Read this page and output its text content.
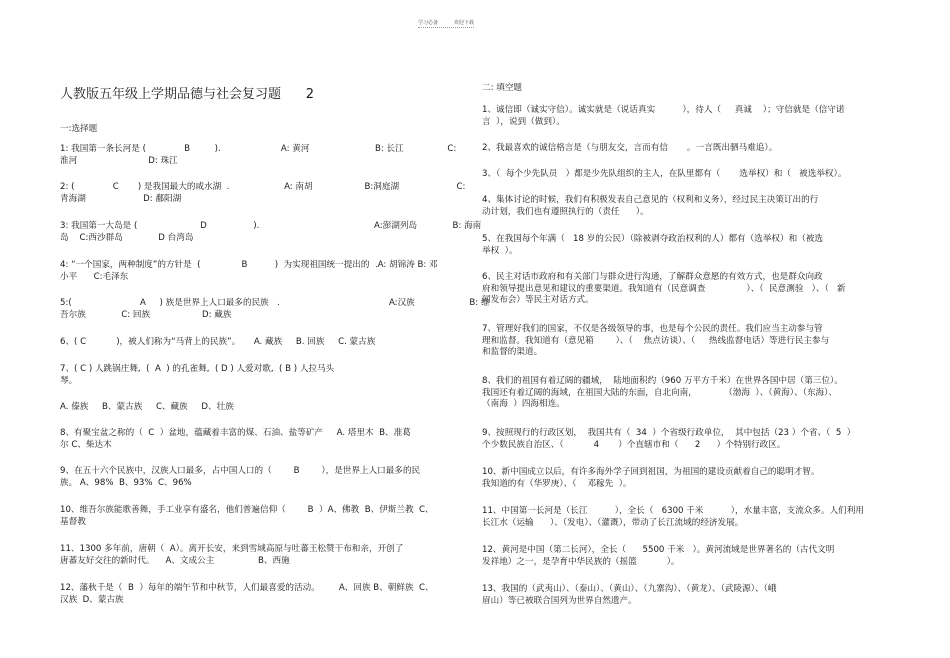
学习必备          欢迎下载
人教版五年级上学期品德与社会复习题      2
一:选择题
1: 我国第一条长河是 (              B         ).                      A: 黄河                        B: 长江                C:
淮河                          D: 珠江
2: (              C       ) 是我国最大的咸水湖  .                    A: 南胡                   B:洞庭湖                     C:
青海湖                     D: 鄱阳湖
3: 我国第一大岛是 (                       D                 ).                                          A:澎湖列岛             B: 海南
岛    C:西沙群岛             D 台湾岛
4: “一个国家，两种制度”的方针是  (               B          )  为实现祖国统一提出的  .A: 胡锦涛 B: 邓
小平      C:毛泽东
5:(                         A     ) 族是世界上人口最多的民族   .                                        A:汉族                    B: 维
吾尔族             C: 回族                   D: 藏族
6、( C           )，被人们称为“马背上的民族”。     A. 藏族     B. 回族     C. 蒙古族
7、( C ) 人跳锅庄舞,  (  A  ) 的孔雀舞,  ( D ) 人爱对歌,  ( B ) 人拉马头
琴。
A. 傣族     B、蒙古族     C、藏族     D、壮族
8、有聚宝盆之称的（  C  ）盆地，蕴藏着丰富的煤、石油、盐等矿产     A. 塔里木  B、准葛
尔 C、柴达木
9、在五十六个民族中，汉族人口最多，占中国人口的（        B        ），是世界上人口最多的民
族。 A、98%  B、93%  C、96%
10、维吾尔族能歌善舞，手工业享有盛名，他们普遍信仰（        B  ）A、佛教  B、伊斯兰教  C、
基督教
11、1300 多年前，唐朝（  A）。离开长安，来到雪域高原与吐蕃王松赞干布和亲，开创了
唐蕃友好交往的新时代。    A、文成公主                B、西施
12、藩秋千是（  B  ）每年的端午节和中秋节，人们最喜爱的活动。       A、回族 B、朝鲜族  C、
汉族  D、蒙古族
二: 填空题
1、诚信即（诚实守信）。诚实就是（说话真实          ），待人（     真诚    ）；守信就是（信守诺
言  ），说到（做到）。
2、我最喜欢的诚信格言是（与朋友交，言而有信       。一言既出驷马难追）。
3、（  每个少先队员   ）都是少先队组织的主人，在队里都有（       选举权）和（   被选举权）。
4、集体讨论的时候，我们有积极发表自己意见的（权利和义务），经过民主决策订出的行
动计划，我们也有遵照执行的（责任      ）。
5、在我国每个年满（   18 岁的公民）（除被剥夺政治权利的人）都有（选举权）和（被选
举权  ）。
6、民主对话市政府和有关部门与群众进行沟通，了解群众意愿的有效方式，也是群众向政
府和领导提出意见和建议的重要渠道。我知道有（民意调查               ）、（  民意测验   ）、（   新
闻发布会）等民主对话方式。
7、管理好我们的国家，不仅是各级领导的事，也是每个公民的责任。我们应当主动参与管
理和监督。我知道有（意见箱        ）、（    焦点访谈）、（     热线监督电话）等进行民主参与
和监督的渠道。
8、我们的祖国有着辽阔的疆域，  陆地面积约（960 万平方千米）在世界各国中居（第三位）。
我国还有着辽阔的海域，在祖国大陆的东面，自北向南，          （渤海  ）、（黄海）、（东海）、
（南海  ）四海相连。
9、按照现行的行政区划，  我国共有（  34  ）个省级行政单位，  其中包括（23 ）个省、（  5  ）
个少数民族自治区、（           4       ）个直辖市和（      2      ）个特别行政区。
10、新中国成立以后，有许多海外学子回到祖国，为祖国的建设贡献着自己的聪明才智。
我知道的有（华罗庚）、（    邓稼先  ）。
11、中国第一长河是（长江          ），全长（   6300 千米          ），水量丰富，支流众多。人们利用
长江水（运输      ）、（发电）、（灌溉），带动了长江流域的经济发展。
12、黄河是中国（第二长河），全长（      5500 千米   ）。黄河流域是世界著名的（古代文明
发祥地）之一，是孕育中华民族的（摇篮           ）。
13、我国的（武夷山）、（泰山）、（黄山）、（九寨沟）、（黄龙）、（武陵源）、（峨
眉山）等已被联合国列为世界自然遗产。
